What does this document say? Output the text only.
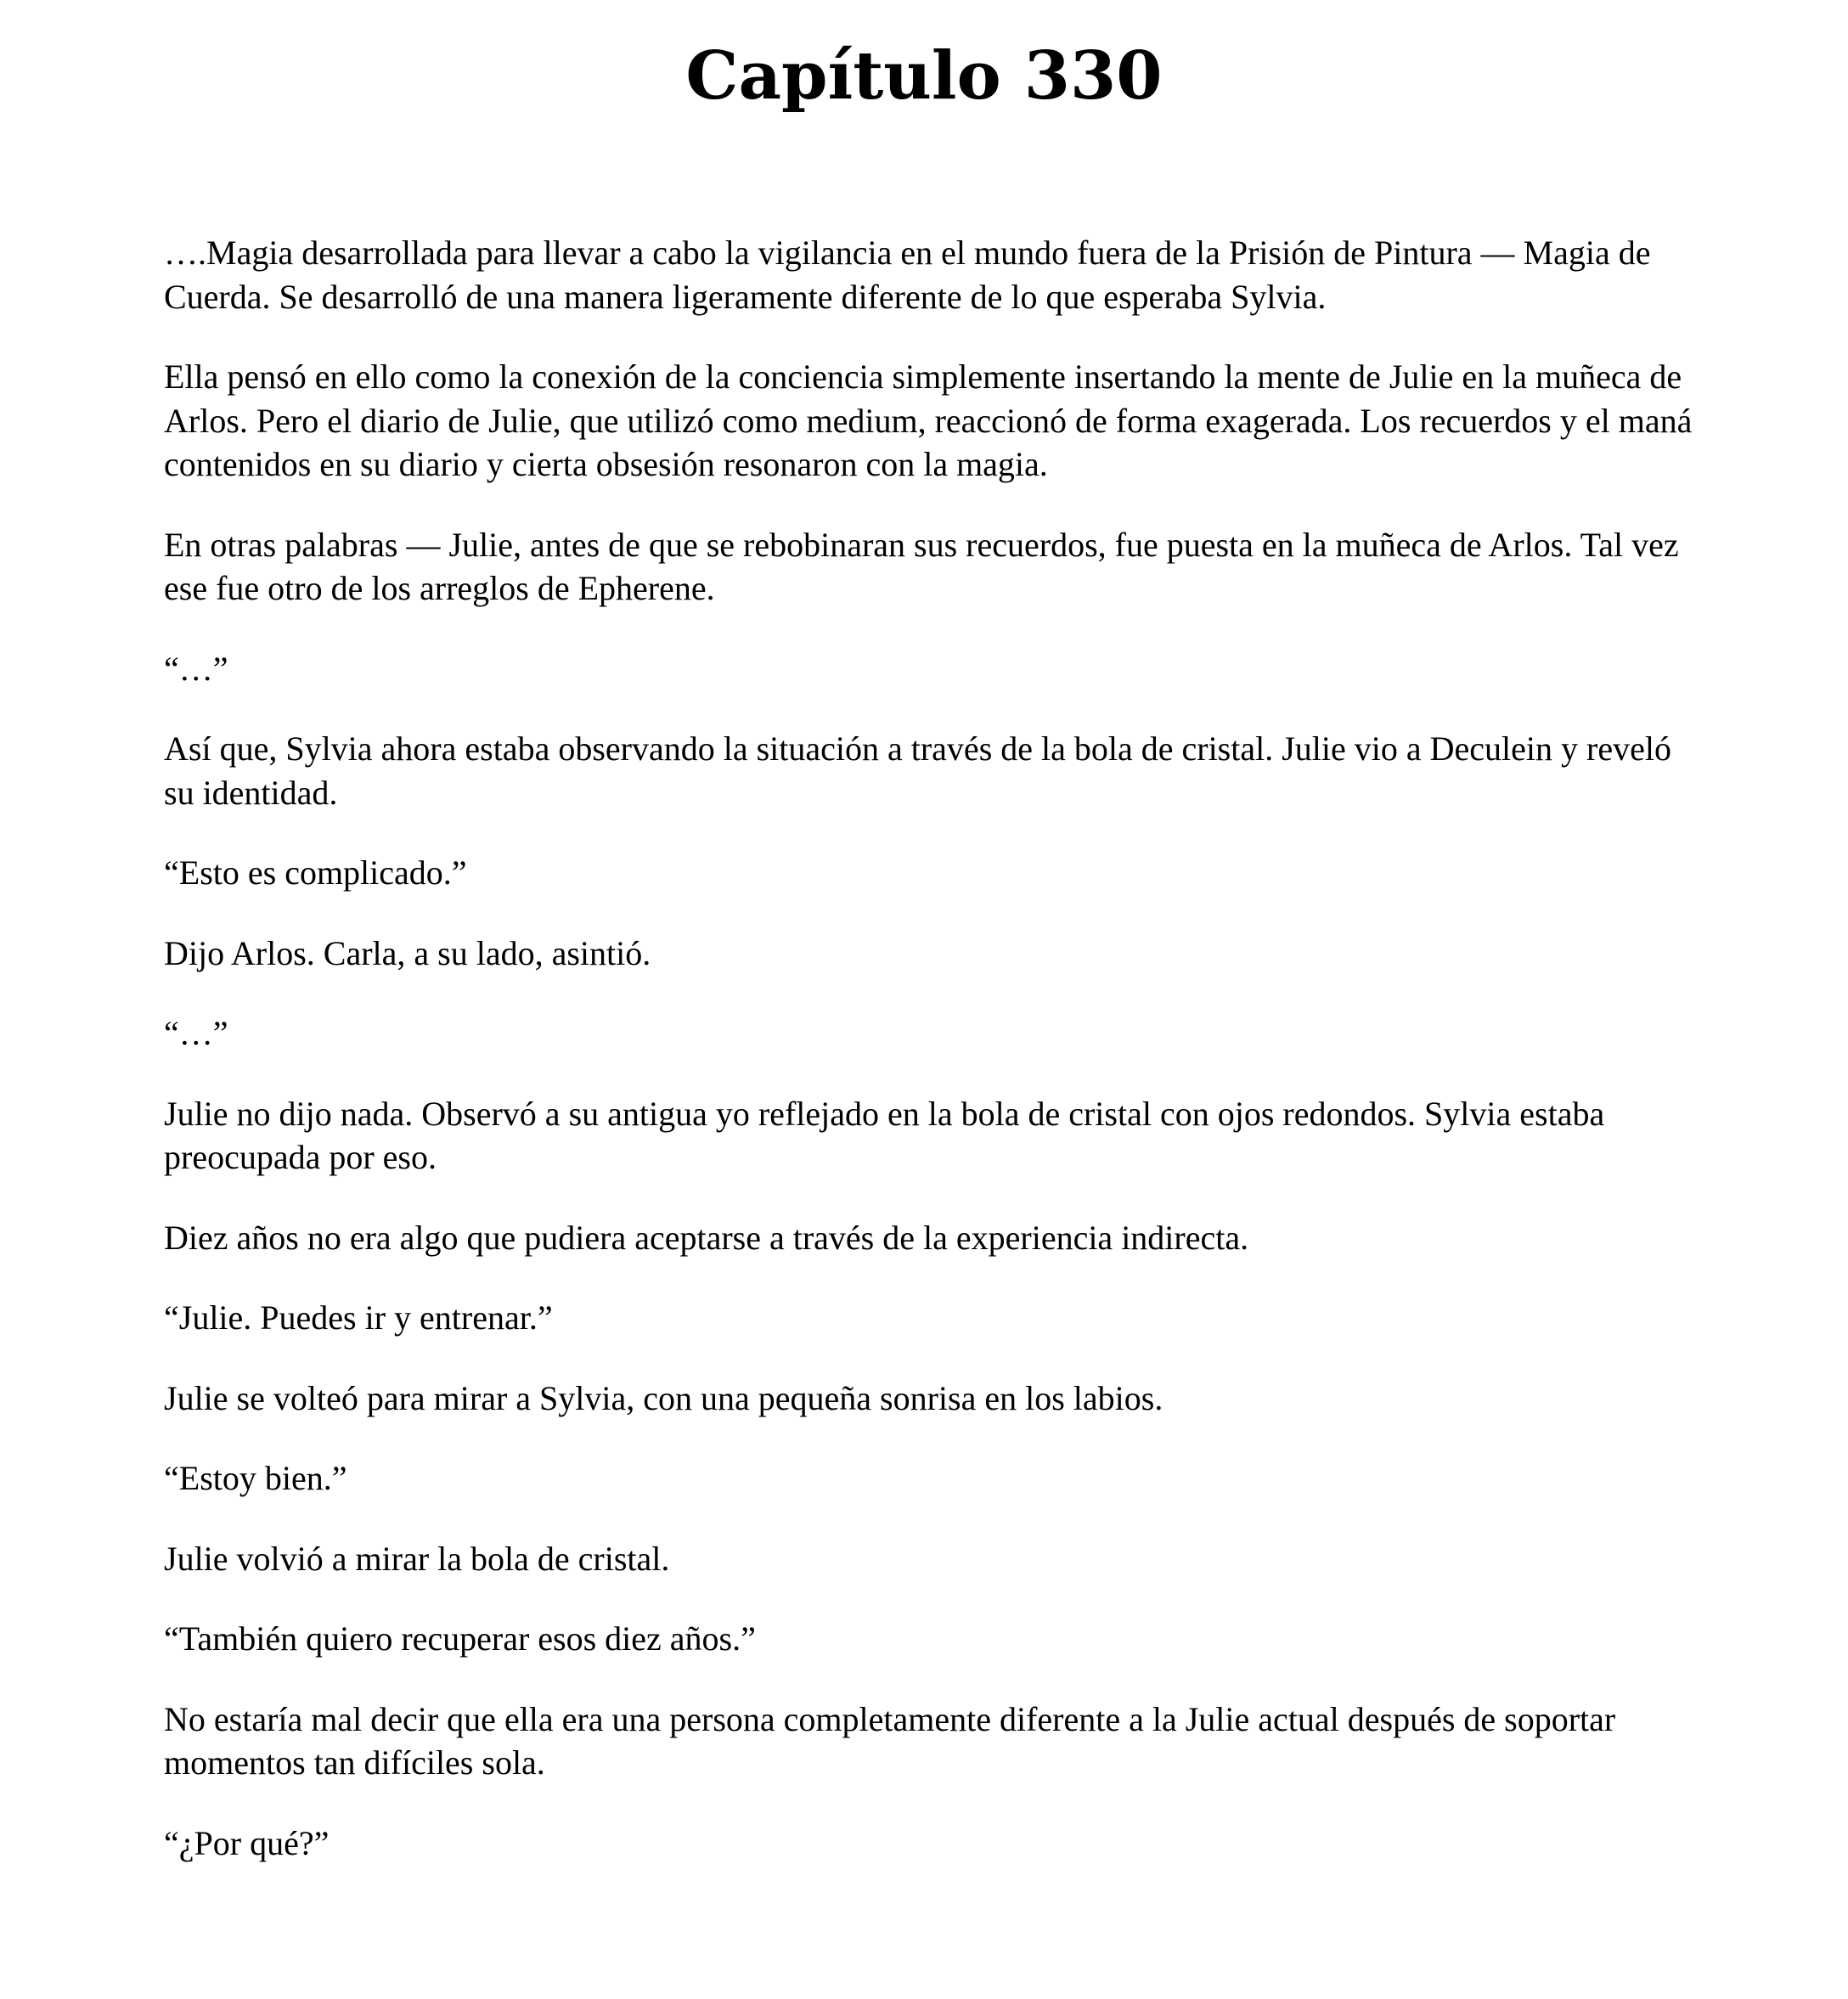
Capítulo 330

….Magia desarrollada para llevar a cabo la vigilancia en el mundo fuera de la Prisión de Pintura — Magia de Cuerda. Se desarrolló de una manera ligeramente diferente de lo que esperaba Sylvia.

Ella pensó en ello como la conexión de la conciencia simplemente insertando la mente de Julie en la muñeca de Arlos. Pero el diario de Julie, que utilizó como medium, reaccionó de forma exagerada. Los recuerdos y el maná contenidos en su diario y cierta obsesión resonaron con la magia.

En otras palabras — Julie, antes de que se rebobinaran sus recuerdos, fue puesta en la muñeca de Arlos. Tal vez ese fue otro de los arreglos de Epherene.

“…”

Así que, Sylvia ahora estaba observando la situación a través de la bola de cristal. Julie vio a Deculein y reveló su identidad.

“Esto es complicado.”

Dijo Arlos. Carla, a su lado, asintió.

“…”

Julie no dijo nada. Observó a su antigua yo reflejado en la bola de cristal con ojos redondos. Sylvia estaba preocupada por eso.

Diez años no era algo que pudiera aceptarse a través de la experiencia indirecta.

“Julie. Puedes ir y entrenar.”

Julie se volteó para mirar a Sylvia, con una pequeña sonrisa en los labios.

“Estoy bien.”

Julie volvió a mirar la bola de cristal.

“También quiero recuperar esos diez años.”

No estaría mal decir que ella era una persona completamente diferente a la Julie actual después de soportar momentos tan difíciles sola.

“¿Por qué?”
